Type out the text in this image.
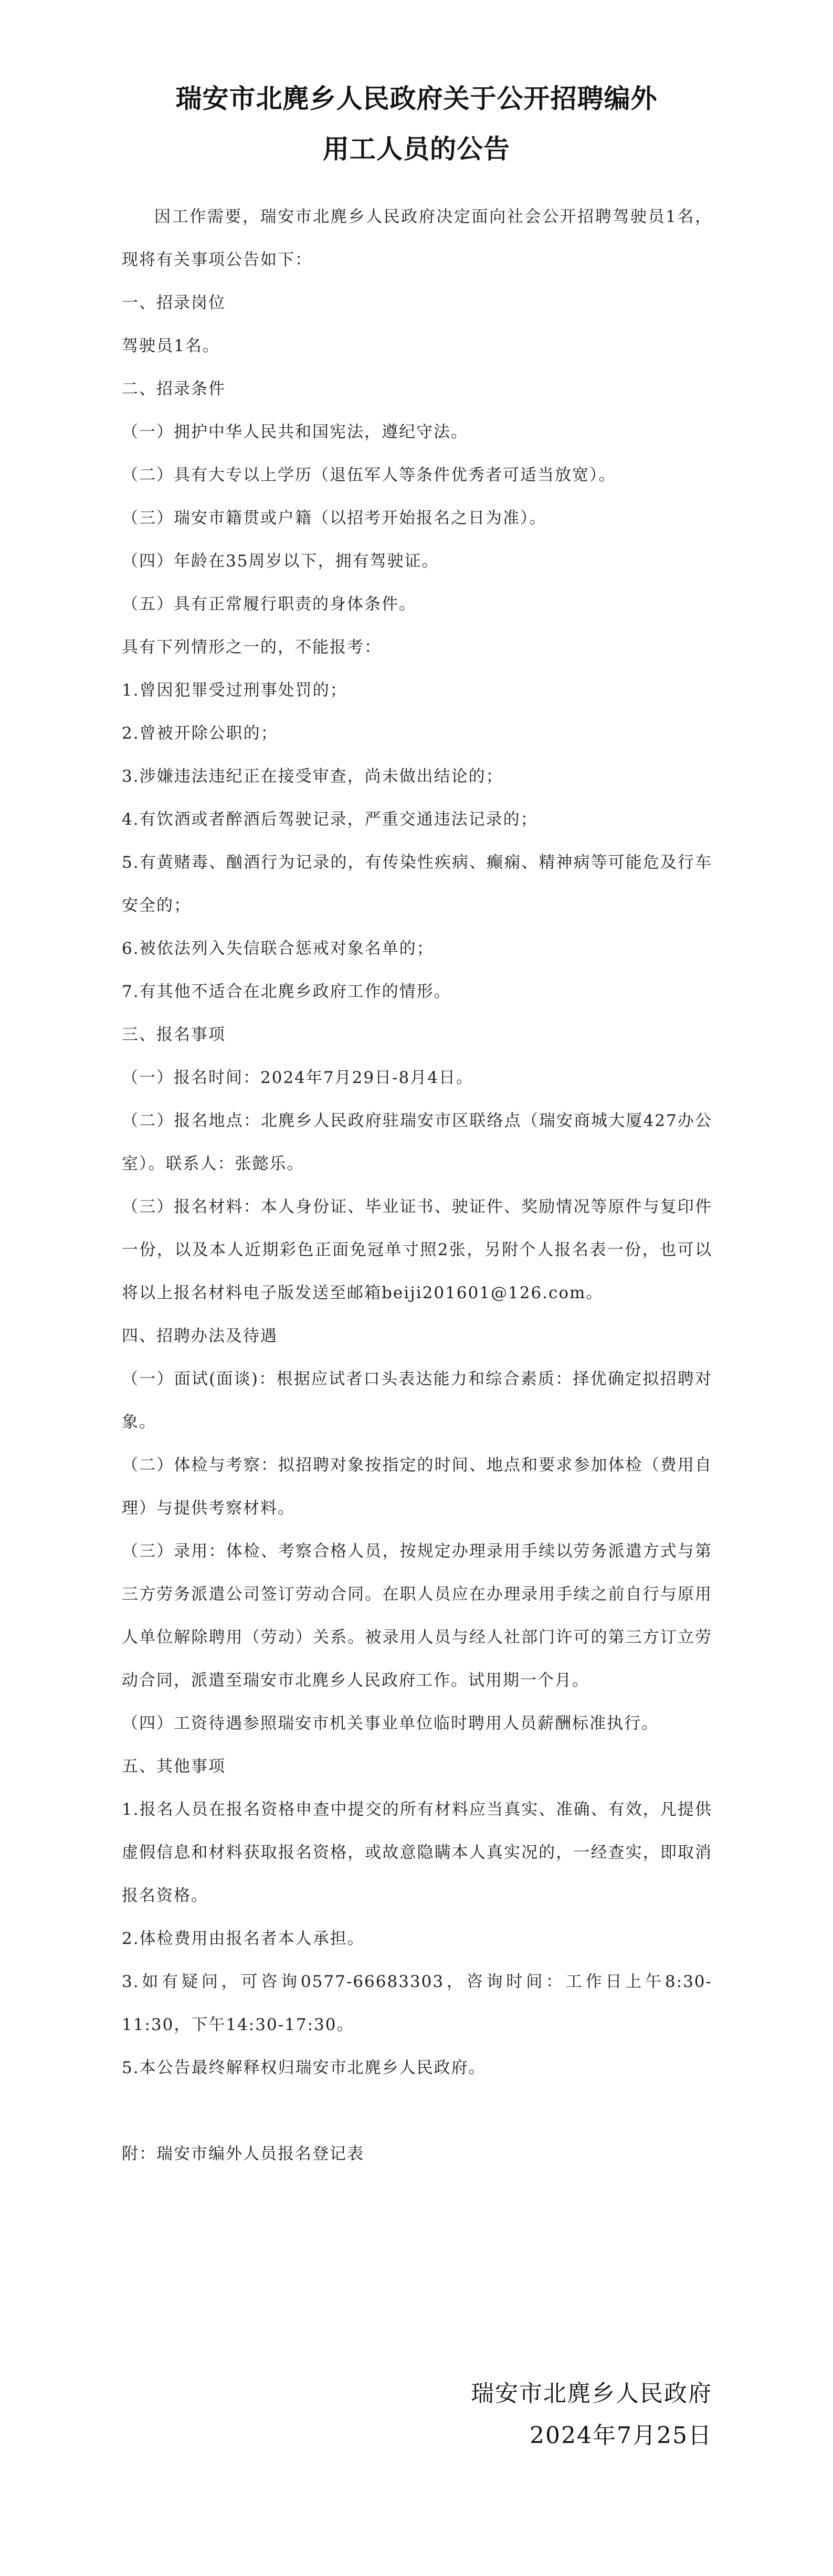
瑞安市北麂乡人民政府关于公开招聘编外
用工人员的公告

因工作需要，瑞安市北麂乡人民政府决定面向社会公开招聘驾驶员1名，现将有关事项公告如下：

一、招录岗位

驾驶员1名。

二、招录条件

（一）拥护中华人民共和国宪法，遵纪守法。

（二）具有大专以上学历（退伍军人等条件优秀者可适当放宽）。

（三）瑞安市籍贯或户籍（以招考开始报名之日为准）。

（四）年龄在35周岁以下，拥有驾驶证。

（五）具有正常履行职责的身体条件。

具有下列情形之一的，不能报考：

1.曾因犯罪受过刑事处罚的；

2.曾被开除公职的；

3.涉嫌违法违纪正在接受审查，尚未做出结论的；

4.有饮酒或者醉酒后驾驶记录，严重交通违法记录的；

5.有黄赌毒、酗酒行为记录的，有传染性疾病、癫痫、精神病等可能危及行车安全的；

6.被依法列入失信联合惩戒对象名单的；

7.有其他不适合在北麂乡政府工作的情形。

三、报名事项

（一）报名时间：2024年7月29日-8月4日。

（二）报名地点：北麂乡人民政府驻瑞安市区联络点（瑞安商城大厦427办公室）。联系人：张懿乐。

（三）报名材料：本人身份证、毕业证书、驶证件、奖励情况等原件与复印件一份，以及本人近期彩色正面免冠单寸照2张，另附个人报名表一份，也可以将以上报名材料电子版发送至邮箱beiji201601@126.com。

四、招聘办法及待遇

（一）面试(面谈)：根据应试者口头表达能力和综合素质：择优确定拟招聘对象。

（二）体检与考察：拟招聘对象按指定的时间、地点和要求参加体检（费用自理）与提供考察材料。

（三）录用：体检、考察合格人员，按规定办理录用手续以劳务派遣方式与第三方劳务派遣公司签订劳动合同。在职人员应在办理录用手续之前自行与原用人单位解除聘用（劳动）关系。被录用人员与经人社部门许可的第三方订立劳动合同，派遣至瑞安市北麂乡人民政府工作。试用期一个月。

（四）工资待遇参照瑞安市机关事业单位临时聘用人员薪酬标准执行。

五、其他事项

1.报名人员在报名资格申查中提交的所有材料应当真实、准确、有效，凡提供虚假信息和材料获取报名资格，或故意隐瞒本人真实况的，一经查实，即取消报名资格。

2.体检费用由报名者本人承担。

3.如有疑问，可咨询0577-66683303，咨询时间：工作日上午8:30-11:30，下午14:30-17:30。

5.本公告最终解释权归瑞安市北麂乡人民政府。

附：瑞安市编外人员报名登记表

瑞安市北麂乡人民政府
2024年7月25日
